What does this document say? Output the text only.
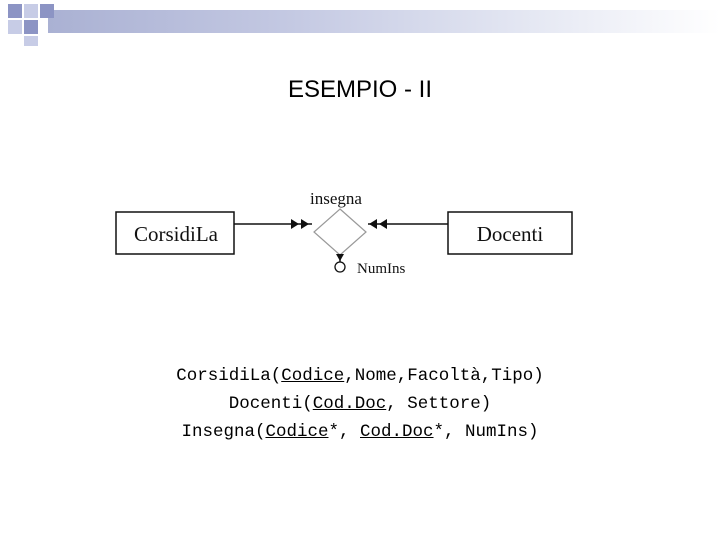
ESEMPIO - II
insegna
CorsidiLa	Docenti
NumIns
CorsidiLa(Codice,Nome,Facoltà,Tipo)
Docenti(Cod.Doc, Settore)
Insegna(Codice*, Cod.Doc*, NumIns)
